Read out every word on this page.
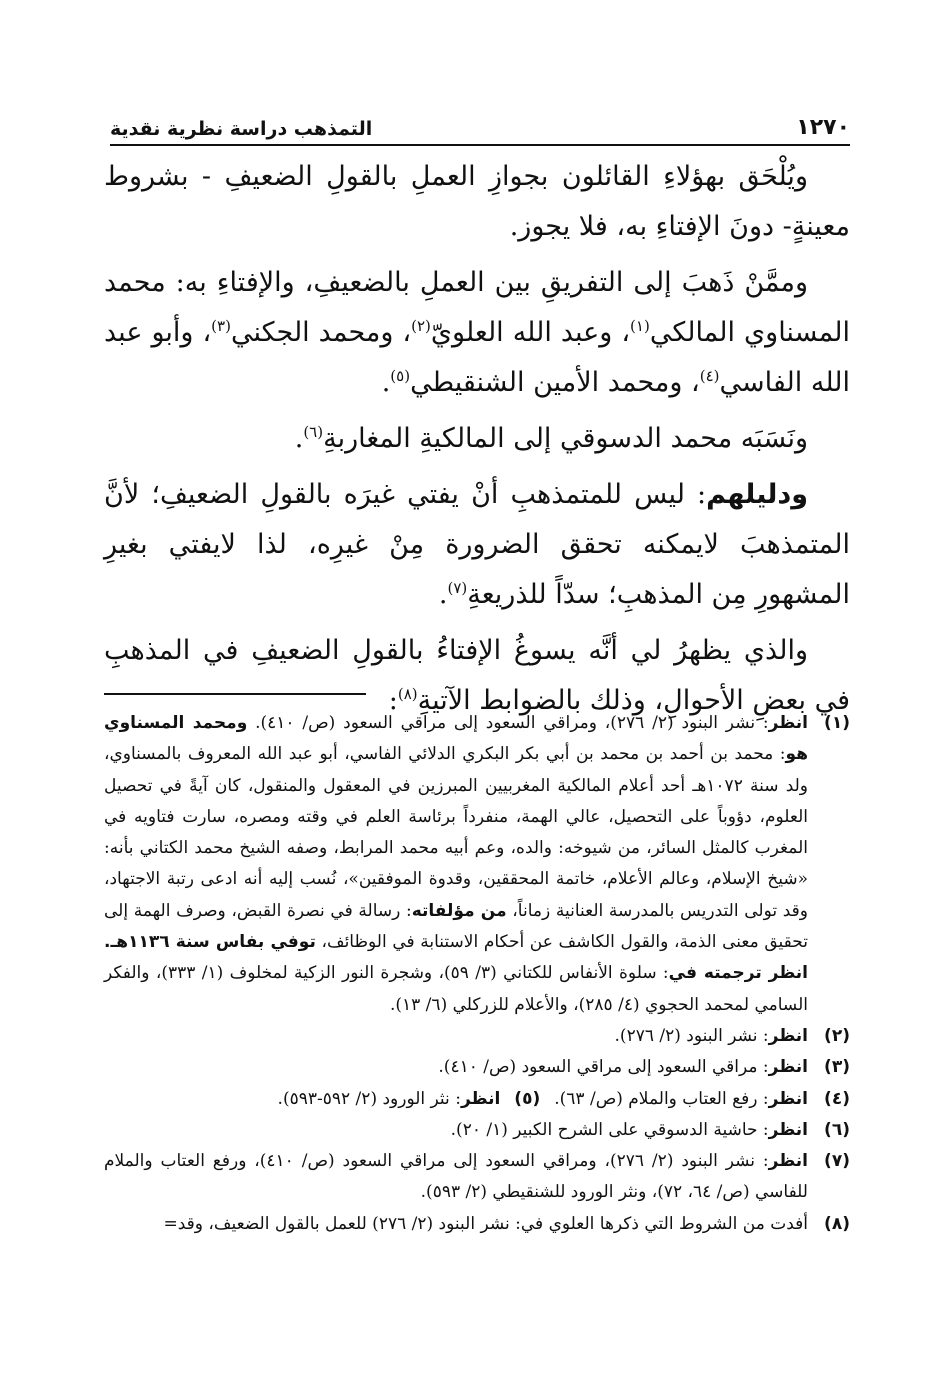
١٢٧٠
التمذهب دراسة نظرية نقدية

ويُلْحَق بهؤلاءِ القائلون بجوازِ العملِ بالقولِ الضعيفِ - بشروط معينةٍ- دونَ الإفتاءِ به، فلا يجوز.

وممَّنْ ذَهبَ إلى التفريقِ بين العملِ بالضعيفِ، والإفتاءِ به: محمد المسناوي المالكي$^{(١)}$، وعبد الله العلويّ$^{(٢)}$، ومحمد الجكني$^{(٣)}$، وأبو عبد الله الفاسي$^{(٤)}$، ومحمد الأمين الشنقيطي$^{(٥)}$.

ونَسَبَه محمد الدسوقي إلى المالكيةِ المغاربةِ$^{(٦)}$.

ودليلهم: ليس للمتمذهبِ أنْ يفتي غيرَه بالقولِ الضعيفِ؛ لأنَّ المتمذهبَ لايمكنه تحقق الضرورة مِنْ غيرِه، لذا لايفتي بغيرِ المشهورِ مِن المذهبِ؛ سدّاً للذريعةِ$^{(٧)}$.

والذي يظهرُ لي أنَّه يسوغُ الإفتاءُ بالقولِ الضعيفِ في المذهبِ في بعضِ الأحوالِ، وذلك بالضوابط الآتيةِ$^{(٨)}$:

(١)
انظر: نشر البنود (٢/ ٢٧٦)، ومراقي السعود إلى مراقي السعود (ص/ ٤١٠). ومحمد المسناوي هو: محمد بن أحمد بن محمد بن أبي بكر البكري الدلائي الفاسي، أبو عبد الله المعروف بالمسناوي، ولد سنة ١٠٧٢هـ أحد أعلام المالكية المغربيين المبرزين في المعقول والمنقول، كان آيةً في تحصيل العلوم، دؤوباً على التحصيل، عالي الهمة، منفرداً برئاسة العلم في وقته ومصره، سارت فتاويه في المغرب كالمثل السائر، من شيوخه: والده، وعم أبيه محمد المرابط، وصفه الشيخ محمد الكتاني بأنه: «شيخ الإسلام، وعالم الأعلام، خاتمة المحققين، وقدوة الموفقين»، نُسب إليه أنه ادعى رتبة الاجتهاد، وقد تولى التدريس بالمدرسة العنانية زماناً، من مؤلفاته: رسالة في نصرة القبض، وصرف الهمة إلى تحقيق معنى الذمة، والقول الكاشف عن أحكام الاستنابة في الوظائف، توفي بفاس سنة ١١٣٦هـ. انظر ترجمته في: سلوة الأنفاس للكتاني (٣/ ٥٩)، وشجرة النور الزكية لمخلوف (١/ ٣٣٣)، والفكر السامي لمحمد الحجوي (٤/ ٢٨٥)، والأعلام للزركلي (٦/ ١٣).
(٢)
انظر: نشر البنود (٢/ ٢٧٦).
(٣)
انظر: مراقي السعود إلى مراقي السعود (ص/ ٤١٠).
(٤)
انظر: رفع العتاب والملام (ص/ ٦٣).(٥)انظر: نثر الورود (٢/ ٥٩٢-٥٩٣).
(٦)
انظر: حاشية الدسوقي على الشرح الكبير (١/ ٢٠).
(٧)
انظر: نشر البنود (٢/ ٢٧٦)، ومراقي السعود إلى مراقي السعود (ص/ ٤١٠)، ورفع العتاب والملام للفاسي (ص/ ٦٤، ٧٢)، ونثر الورود للشنقيطي (٢/ ٥٩٣).
(٨)
أفدت من الشروط التي ذكرها العلوي في: نشر البنود (٢/ ٢٧٦) للعمل بالقول الضعيف، وقد=
